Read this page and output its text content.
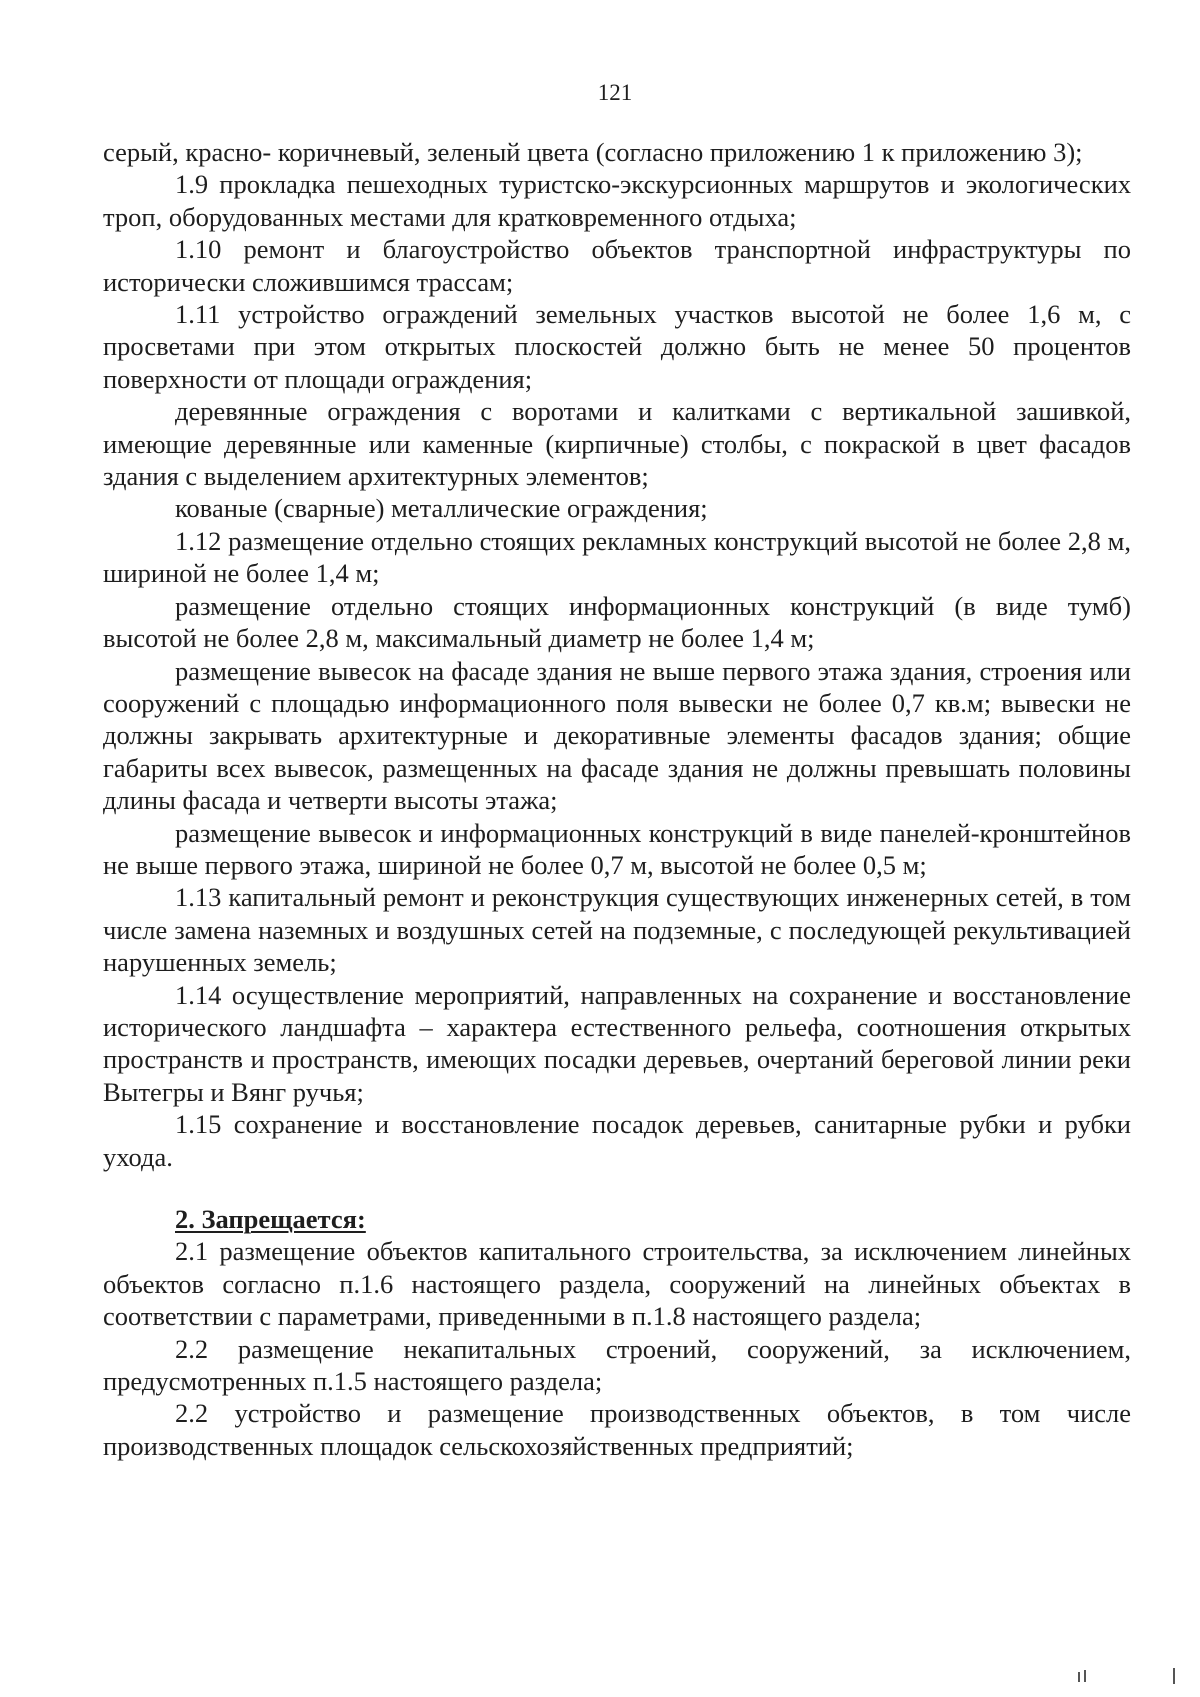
121

серый, красно- коричневый, зеленый цвета (согласно приложению 1 к приложению 3);

1.9 прокладка пешеходных туристско-экскурсионных маршрутов и экологических троп, оборудованных местами для кратковременного отдыха;

1.10 ремонт и благоустройство объектов транспортной инфраструктуры по исторически сложившимся трассам;

1.11 устройство ограждений земельных участков высотой не более 1,6 м, с просветами при этом открытых плоскостей должно быть не менее 50 процентов поверхности от площади ограждения;

деревянные ограждения с воротами и калитками с вертикальной зашивкой, имеющие деревянные или каменные (кирпичные) столбы, с покраской в цвет фасадов здания с выделением архитектурных элементов;

кованые (сварные) металлические ограждения;

1.12 размещение отдельно стоящих рекламных конструкций высотой не более 2,8 м, шириной не более 1,4 м;

размещение отдельно стоящих информационных конструкций (в виде тумб) высотой не более 2,8 м, максимальный диаметр не более 1,4 м;

размещение вывесок на фасаде здания не выше первого этажа здания, строения или сооружений с площадью информационного поля вывески не более 0,7 кв.м; вывески не должны закрывать архитектурные и декоративные элементы фасадов здания; общие габариты всех вывесок, размещенных на фасаде здания не должны превышать половины длины фасада и четверти высоты этажа;

размещение вывесок и информационных конструкций в виде панелей-кронштейнов не выше первого этажа, шириной не более 0,7 м, высотой не более 0,5 м;

1.13 капитальный ремонт и реконструкция существующих инженерных сетей, в том числе замена наземных и воздушных сетей на подземные, с последующей рекультивацией нарушенных земель;

1.14 осуществление мероприятий, направленных на сохранение и восстановление исторического ландшафта – характера естественного рельефа, соотношения открытых пространств и пространств, имеющих посадки деревьев, очертаний береговой линии реки Вытегры и Вянг ручья;

1.15 сохранение и восстановление посадок деревьев, санитарные рубки и рубки ухода.

2. Запрещается:

2.1 размещение объектов капитального строительства, за исключением линейных объектов согласно п.1.6 настоящего раздела, сооружений на линейных объектах в соответствии с параметрами, приведенными в п.1.8 настоящего раздела;

2.2 размещение некапитальных строений, сооружений, за исключением, предусмотренных п.1.5 настоящего раздела;

2.2 устройство и размещение производственных объектов, в том числе производственных площадок сельскохозяйственных предприятий;
